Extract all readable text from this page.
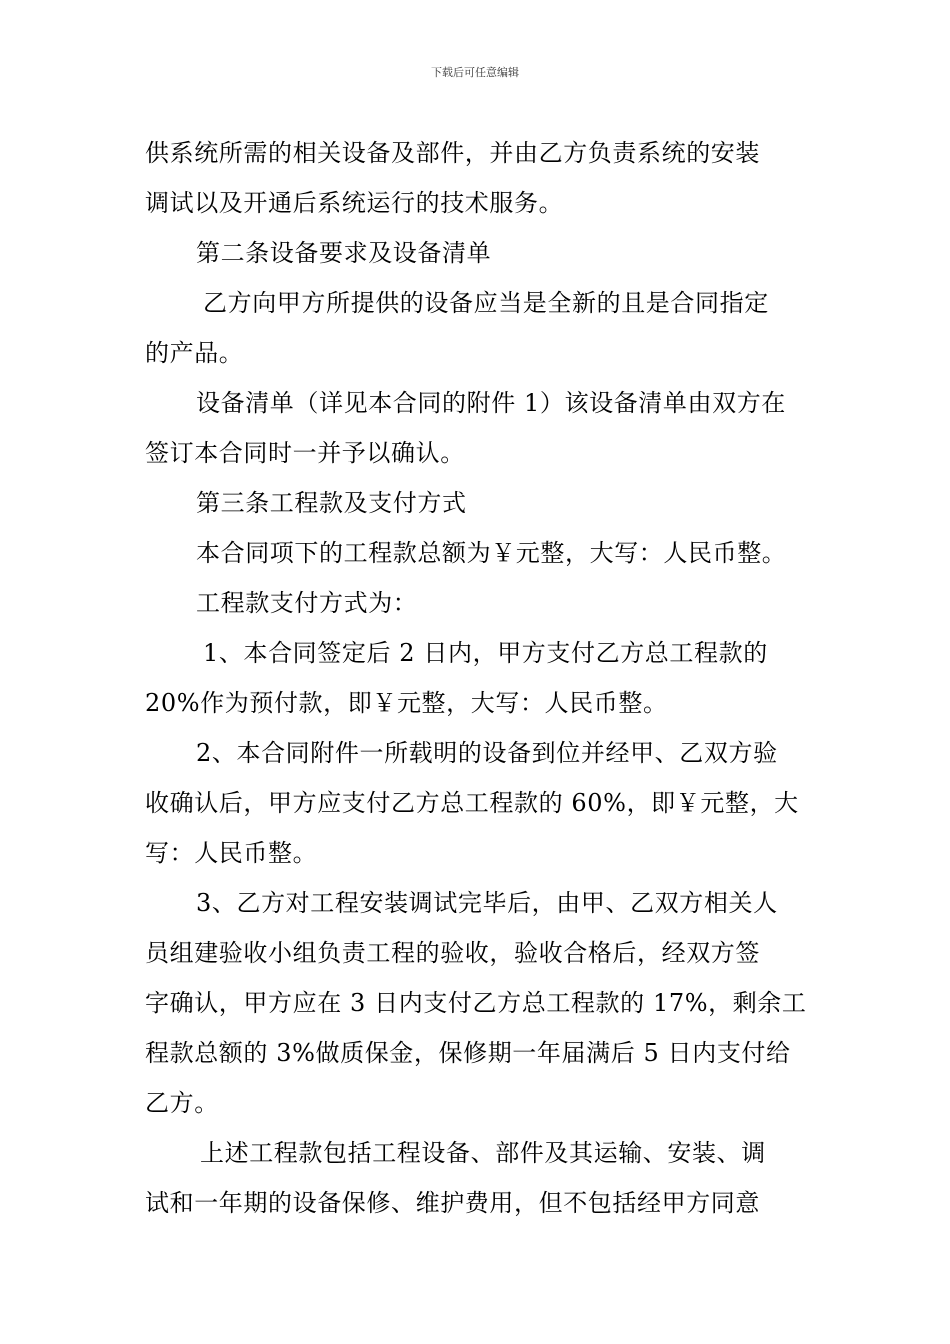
下载后可任意编辑
供系统所需的相关设备及部件，并由乙方负责系统的安装
调试以及开通后系统运行的技术服务。
第二条设备要求及设备清单
乙方向甲方所提供的设备应当是全新的且是合同指定
的产品。
设备清单（详见本合同的附件 1）该设备清单由双方在
签订本合同时一并予以确认。
第三条工程款及支付方式
本合同项下的工程款总额为￥元整，大写：人民币整。
工程款支付方式为：
1、本合同签定后 2 日内，甲方支付乙方总工程款的
20%作为预付款，即￥元整，大写：人民币整。
2、本合同附件一所载明的设备到位并经甲、乙双方验
收确认后，甲方应支付乙方总工程款的 60%，即￥元整，大
写：人民币整。
3、乙方对工程安装调试完毕后，由甲、乙双方相关人
员组建验收小组负责工程的验收，验收合格后，经双方签
字确认，甲方应在 3 日内支付乙方总工程款的 17%，剩余工
程款总额的 3%做质保金，保修期一年届满后 5 日内支付给
乙方。
上述工程款包括工程设备、部件及其运输、安装、调
试和一年期的设备保修、维护费用，但不包括经甲方同意
